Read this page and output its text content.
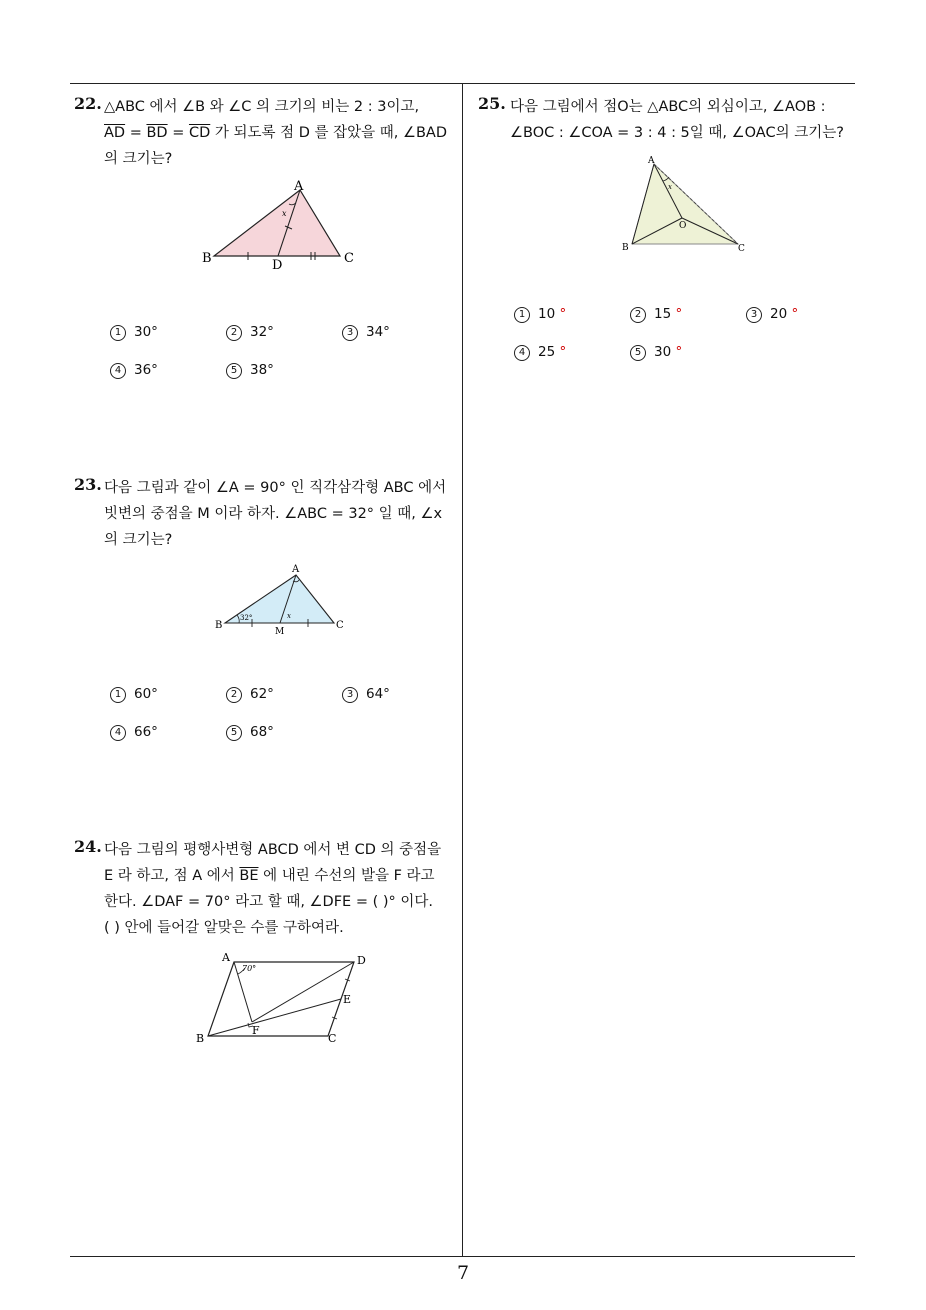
22. △ABC 에서 ∠B 와 ∠C 의 크기의 비는 2 : 3이고,
$\overline{AD} = \overline{BD} = \overline{CD}$ 가 되도록 점 D 를 잡았을 때, ∠BAD
의 크기는?
A
B	C
D
x
1 30°	2 32°	3 34°
4 36°	5 38°
23. 다음 그림과 같이 ∠A = 90° 인 직각삼각형 ABC 에서
빗변의 중점을 M 이라 하자. ∠ABC = 32° 일 때, ∠x
의 크기는?
A
B	C
M
32°	x
1 60°	2 62°	3 64°
4 66°	5 68°
24. 다음 그림의 평행사변형 ABCD 에서 변 CD 의 중점을
E 라 하고, 점 A 에서 $\overline{BE}$ 에 내린 수선의 발을 F 라고
한다. ∠DAF = 70° 라고 할 때, ∠DFE = ( )° 이다.
( ) 안에 들어갈 알맞은 수를 구하여라.
A
B	C
D
E
F
70°
25. 다음 그림에서 점O는 △ABC의 외심이고, ∠AOB :
∠BOC : ∠COA = 3 : 4 : 5일 때, ∠OAC의 크기는?
A
B	C
O
x
1 10 °	2 15 °	3 20 °
4 25 °	5 30 °
7
